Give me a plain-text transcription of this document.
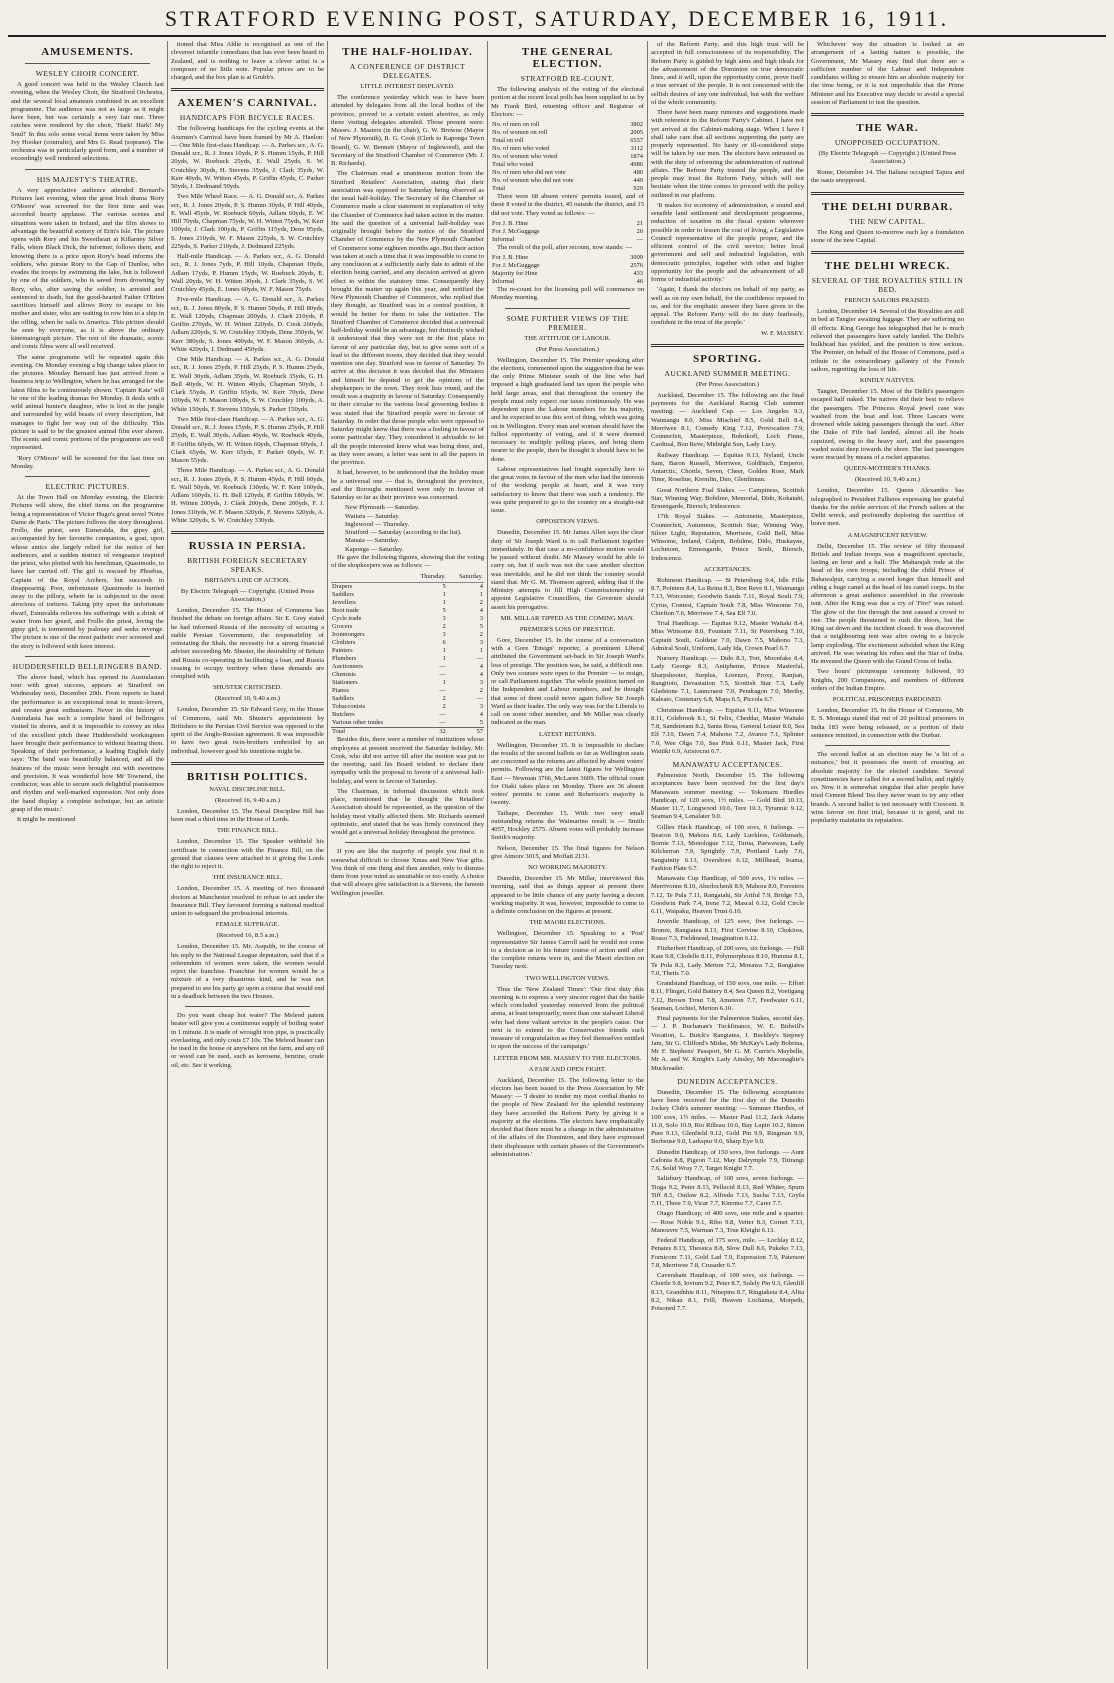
STRATFORD EVENING POST, SATURDAY, DECEMBER 16, 1911.
AMUSEMENTS.
WESLEY CHOIR CONCERT.

A good concert was held in the Wesley Church last evening, when the Wesley Choir, the Stratford Orchestra, and the several local amateurs combined in an excellent programme. The audience was not as large as it might have been, but was certainly a very fair one. Three catches were rendered by the choir, 'Hark! Hark! My Soul!' In this solo some vocal items were taken by Miss Ivy Hooker (contralto), and Mrs G. Read (soprano). The orchestra was in particularly good form, and a number of exceedingly well rendered selections.

HIS MAJESTY'S THEATRE.

A very appreciative audience attended Bernard's Pictures last evening, when the great Irish drama 'Rory O'Moore' was screened for the first time and was accorded hearty applause. The various scenes and situations were taken in Ireland, and the film shows to advantage the beautiful scenery of Erin's Isle. The picture opens with Rory and his Sweetheart at Killarney Silver Falls, where Black Dick, the informer, follows them, and knowing there is a price upon Rory's head informs the soldiers, who pursue Rory to the Gap of Dunloe, who evades the troops by swimming the lake, but is followed by one of the soldiers, who is saved from drowning by Rory, who, after saving the soldier, is arrested and sentenced to death, but the good-hearted Father O'Brien sacrifices himself and allows Rory to escape to his mother and sister, who are waiting to row him to a ship in the offing, when he sails to America. This picture should be seen by everyone, as it is above the ordinary kinematograph picture. The rest of the dramatic, scenic and comic films were all well received.

The same programme will be repeated again this evening. On Monday evening a big change takes place in the pictures. Monday Bernard has just arrived from a business trip to Wellington, where he has arranged for the latest films to be continuously shown. 'Captain Kate' will be one of the leading dramas for Monday. It deals with a wild animal hunter's daughter, who is lost in the jungle and surrounded by wild beasts of every description, but manages to fight her way out of the difficulty. This picture is said to be the greatest animal film ever shown. The scenic and comic portions of the programme are well represented.

'Rory O'Moore' will be screened for the last time on Monday.

ELECTRIC PICTURES.

At the Town Hall on Monday evening, the Electric Pictures will show, the chief items on the programme being a representation of Victor Hugo's great novel 'Notre Dame de Paris.' The picture follows the story throughout. Frollo, the priest, sees Esmeralda, the gipsy girl, accompanied by her favourite companion, a goat, upon whose antics she largely relied for the notice of her audiences, and a sudden instinct of vengeance inspired the priest, who plotted with his henchman, Quasimodo, to have her carried off. The girl is rescued by Phoebus, Captain of the Royal Archers, but succeeds in disappearing. Poor, unfortunate Quasimodo is hurried away to the pillory, where he is subjected to the most atrocious of tortures. Taking pity upon the unfortunate dwarf, Esmeralda relieves his sufferings with a drink of water from her gourd, and Frollo the priest, loving the gipsy girl, is tormented by jealousy and seeks revenge. The picture is one of the most pathetic ever screened and the story is followed with keen interest.

HUDDERSFIELD BELLRINGERS BAND.

The above band, which has opened its Australasian tour with great success, appears at Stratford on Wednesday next, December 20th. From reports to hand the performance is an exceptional treat to music-lovers, and creates great enthusiasm. Never in the history of Australasia has such a complete band of bellringers visited its shores, and it is impossible to convey an idea of the excellent pitch these Huddersfield workingmen have brought their performance to without hearing them. Speaking of their performance, a leading English daily says: 'The band was beautifully balanced, and all the features of the music were brought out with sweetness and precision. It was wonderful how Mr Townend, the conductor, was able to secure such delightful pianissimos and rhythm and well-marked expression. Not only does the band display a complete technique, but an artistic grasp of the music.'

It might be mentioned

tioned that Miss Aldie is recognised as one of the cleverest infantile comedians that has ever been heard in Zealand, and is nothing to leave a clever artist is a composer of no little note. Popular prices are to be charged, and the box plan is at Grubb's.

AXEMEN'S CARNIVAL.
HANDICAPS FOR BICYCLE RACES.

The following handicaps for the cycling events at the Axemen's Carnival have been framed by Mr A. Hanlon: — One Mile first-class Handicap. — A. Parkes scr., A. G. Donald scr., R. J. Jones 10yds, P. S. Humm 15yds, P. Hill 20yds, W. Roebuck 25yds, E. Wall 25yds, S. W. Crutchley 30yds, H. Stevens 35yds, J. Clark 35yds, W. Kerr 40yds, W. Witten 45yds, P. Griffin 45yds, C. Parker 50yds, J. Dedmand 50yds.

Two Mile Wheel Race. — A. G. Donald scr., A. Parkes scr., R. J. Jones 20yds, P. S. Humm 30yds, P. Hill 40yds, E. Wall 45yds, W. Roebuck 60yds, Adlam 60yds, E. W. Hill 70yds, Chapman 75yds, W. H. Witten 75yds, W. Kerr 100yds, J. Clark 100yds, P. Griffin 115yds, Dene 95yds, S. Jones 210yds, W. F. Mason 225yds, S. W. Crutchley 225yds, S. Parker 210yds, J. Dedmand 225yds.

Half-mile Handicap. — A. Parkes scr., A. G. Donald scr., R. J. Jones 7yds, P. Hill 10yds, Chapman 10yds, Adlam 17yds, P. Humm 15yds, W. Roebuck 20yds, E. Wall 20yds, W. H. Witten 30yds, J. Clark 35yds, S. W. Crutchley 45yds, E. Jones 60yds, W. F. Mason 75yds.

Five-mile Handicap. — A. G. Donald scr., A. Parkes scr., R. J. Jones 80yds, P. S. Humm 50yds, P. Hill 80yds, E. Wall 120yds, Chapman 200yds, J. Clark 210yds, P. Griffin 270yds, W. H. Witten 220yds, D. Cook 260yds, Adlam 220yds, S. W. Crutchley 330yds, Dene 350yds, W. Kerr 380yds, S. Jones 400yds, W. F. Mason 360yds, A. White 420yds, J. Dedmand 450yds.

One Mile Handicap. — A. Parkes scr., A. G. Donald scr., R. J. Jones 25yds, P. Hill 25yds, P. S. Humm 25yds, E. Wall 30yds, Adlam 35yds, W. Roebuck 35yds, G. H. Bell 40yds, W. H. Witten 40yds, Chapman 50yds, J. Clark 55yds, P. Griffin 65yds, W. Kerr 70yds, Dene 100yds, W. F. Mason 100yds, S. W. Crutchley 100yds, A. White 150yds, F. Stevens 150yds, S. Parker 150yds.

Two Mile first-class Handicap. — A. Parkes scr., A. G. Donald scr., R. J. Jones 15yds, P. S. Humm 25yds, P. Hill 25yds, E. Wall 30yds, Adlam 40yds, W. Roebuck 40yds, P. Griffin 60yds, W. H. Witten 60yds, Chapman 60yds, J. Clark 65yds, W. Kerr 65yds, F. Parker 60yds, W. F. Mason 55yds.

Three Mile Handicap. — A. Parkes scr., A. G. Donald scr., R. J. Jones 20yds, P. S. Humm 45yds, P. Hill 60yds, E. Wall 50yds, W. Roebuck 130yds, W. F. Kerr 160yds, Adlam 160yds, G. H. Bell 120yds, P. Griffin 180yds, W. H. Witten 200yds, J. Clark 200yds, Dene 200yds, F. J. Jones 310yds, W. F. Mason 320yds, F. Stevens 320yds, A. White 320yds, S. W. Crutchley 330yds.

RUSSIA IN PERSIA.
BRITISH FOREIGN SECRETARY SPEAKS.
BRITAIN'S LINE OF ACTION.
By Electric Telegraph — Copyright. (United Press Association.)

London, December 15. The House of Commons has finished the debate on foreign affairs. Sir E. Grey stated he had informed Russia of the necessity of securing a stable Persian Government, the responsibility of reinstating the Shah, the necessity for a strong financial adviser succeeding Mr. Shuster, the desirability of Britain and Russia co-operating in facilitating a loan, and Russia ceasing to occupy territory when these demands are complied with.

SHUSTER CRITICISED.
(Received 10, 9.40 a.m.)

London, December 15. Sir Edward Grey, in the House of Commons, said Mr. Shuster's appointment by Britishers to the Persian Civil Service was opposed to the spirit of the Anglo-Russian agreement. It was impossible to have two great twin-brothers embroiled by an individual, however good his intentions might be.

BRITISH POLITICS.
NAVAL DISCIPLINE BILL.
(Received 16, 9.40 a.m.)

London, December 15. The Naval Discipline Bill has been read a third time in the House of Lords.

THE FINANCE BILL.

London, December 15. The Speaker withheld his certificate in connection with the Finance Bill, on the ground that clauses were attached to it giving the Lords the right to reject it.

THE INSURANCE BILL.

London, December 15. A meeting of two thousand doctors at Manchester resolved to refuse to act under the Insurance Bill. They favoured forming a national medical union to safeguard the professional interests.

FEMALE SUFFRAGE.
(Received 16, 8.5 a.m.)

London, December 15. Mr. Asquith, in the course of his reply to the National League deputation, said that if a referendum of women were taken, the women would reject the franchise. Franchise for women would be a mixture of a very disastrous kind, and he was not prepared to see his party go upon a course that would end in a deadlock between the two Houses.

Do you want cheap hot water? The Meleod patent heater will give you a continuous supply of boiling water in 1 minute. It is made of wrought iron pipe, is practically everlasting, and only costs £7 10s. The Meleod heater can be used in the house or anywhere on the farm, and any oil or wood can be used, such as kerosene, benzine, crude oil, etc. See it working.

THE HALF-HOLIDAY.
A CONFERENCE OF DISTRICT DELEGATES.
LITTLE INTEREST DISPLAYED.

The conference yesterday which was to have been attended by delegates from all the local bodies of the province, proved to a certain extent abortive, as only three visiting delegates attended. Those present were: Messrs. J. Masters (in the chair), G. W. Browne (Mayor of New Plymouth), R. G. Cook (Clerk to Kaponga Town Board), G. W. Bennett (Mayor of Inglewood), and the Secretary of the Stratford Chamber of Commerce (Mr. J. B. Richards).

The Chairman read a unanimous motion from the Stratford Retailers' Association, stating that their association was opposed to Saturday being observed as the usual half-holiday. The Secretary of the Chamber of Commerce made a clear statement in explanation of why the Chamber of Commerce had taken action in the matter. He said the question of a universal half-holiday was originally brought before the notice of the Stratford Chamber of Commerce by the New Plymouth Chamber of Commerce some eighteen months ago. But their action was taken at such a time that it was impossible to come to any conclusion at a sufficiently early date to admit of the election being carried, and any decision arrived at given effect to within the statutory time. Consequently they brought the matter up again this year, and notified the New Plymouth Chamber of Commerce, who replied that they thought, as Stratford was in a central position, it would be better for them to take the initiative. The Stratford Chamber of Commerce decided that a universal half-holiday would be an advantage, but distinctly wished it understood that they were not in the first place in favour of any particular day, but to give some sort of a lead to the different towns, they decided that they would mention one day. Stratford was in favour of Saturday. To arrive at this decision it was decided that the Ministers and himself be deputed to get the opinions of the shopkeepers in the town. They took lists round, and the result was a majority in favour of Saturday. Consequently in their circular to the various local governing bodies it was stated that the Stratford people were in favour of Saturday. In order that those people who were opposed to Saturday might know that there was a feeling in favour of some particular day. They considered it advisable to let all the people interested know what was being done, and, as they were aware, a letter was sent to all the papers in the province.

It had, however, to be understood that the holiday must be a universal one — that is, throughout the province, and the Boroughs mentioned were only in favour of Saturday so far as their province was concerned.

New Plymouth — Saturday.
Waitara — Saturday.
Inglewood — Thursday.
Stratford — Saturday (according to the list).
Manaia — Saturday.
Kaponga — Saturday.

He gave the following figures, showing that the voting of the shopkeepers was as follows: —

	Thursday.	Saturday.
Drapers	5	4
Saddlers	1	1
Jewellers	1	2
Boot trade	5	4
Cycle trade	3	3
Grocers	2	5
Ironmongers	3	2
Clothiers	6	3
Painters	1	1
Plumbers	1	—
Auctioneers	—	4
Chemists	—	4
Stationers	1	3
Pianos	—	2
Saddlers	2	—
Tobacconists	2	3
Butchers	—	4
Various other trades	—	5
Total	32	57

Besides this, there were a number of institutions whose employees at present received the Saturday holiday. Mr. Cook, who did not arrive till after the motion was put to the meeting, said his Board wished to declare their sympathy with the proposal in favour of a universal half-holiday, and were in favour of Saturday.

The Chairman, in informal discussion which took place, mentioned that he thought the Retailers' Association should be represented, as the question of the holiday most vitally affected them. Mr. Richards seemed optimistic, and stated that he was firmly convinced they would get a universal holiday throughout the province.

If you are like the majority of people you find it is somewhat difficult to choose Xmas and New Year gifts. You think of one thing and then another, only to dismiss them from your mind as unsuitable or too costly. A choice that will always give satisfaction is a Stevens, the famous Wellington jeweller.

THE GENERAL ELECTION.
STRATFORD RE-COUNT.

The following analysis of the voting of the electoral portion at the recent local polls has been supplied to us by Mr Frank Bird, returning officer and Registrar of Electors: —

No. of men on roll	3802
No. of women on roll	2005
Total on roll	6557
No. of men who voted	3112
No. of women who voted	1874
Total who voted	4986
No. of men who did not vote	480
No. of women who did not vote	449
Total	929

There were 68 absent voters' permits issued, and of these 8 voted in the district, 45 outside the district, and 15 did not vote. They voted as follows: —

For J. B. Hine	21
For J. McGuggage	20
Informal	—

The result of the poll, after recount, now stands: —

For J. B. Hine	3009
For J. McGuggage	2576
Majority for Hine	433
Informal	46

The re-count for the licensing poll will commence on Monday morning.

SOME FURTHER VIEWS OF THE PREMIER.
THE ATTITUDE OF LABOUR.
(Per Press Association.)

Wellington, December 15. The Premier speaking after the elections, commented upon the suggestion that he was the only Prime Minister south of the line who had imposed a high graduated land tax upon the people who held large areas, and that throughout the country the people must only expect our taxes continuously. He was dependent upon the Labour members for his majority, and he expected to use this sort of thing, which was going on in Wellington. Every man and woman should have the fullest opportunity of voting, and if it were deemed necessary to multiply polling places, and bring them nearer to the people, then he thought it should have to be done.

Labour representatives had fought especially here to the great votes in favour of the men who had the interests of the working people at heart, and it was very satisfactory to know that there was such a tendency. He was quite prepared to go to the country on a straight-out issue.

OPPOSITION VIEWS.

Dunedin, December 15. Mr James Allen says the clear duty of Sir Joseph Ward is to call Parliament together immediately. In that case a no-confidence motion would be passed without doubt. Mr Massey would be able to carry on, but if such was not the case another election was inevitable, and he did not think the country would stand that. Mr G. M. Thomson agreed, adding that if the Ministry attempts to fill High Commissionership or appoint Legislative Councillors, the Governor should assert his prerogative.

MR. MILLAR TIPPED AS THE COMING MAN.
PREMIER'S LOSS OF PRESTIGE.

Gore, December 15. In the course of a conversation with a Gore 'Ensign' reporter, a prominent Liberal attributed the Government set-back to Sir Joseph Ward's loss of prestige. The position was, he said, a difficult one. Only two courses were open to the Premier — to resign, or call Parliament together. The whole position turned on the Independent and Labour members, and he thought that some of them could never again follow Sir Joseph Ward as their leader. The only way was for the Liberals to call on some other member, and Mr Millar was clearly indicated as the man.

LATEST RETURNS.

Wellington, December 15. It is impossible to declare the results of the second ballots so far as Wellington seats are concerned as the returns are affected by absent voters' permits. Following are the latest figures for Wellington East — Newman 3766, McLaren 3609. The official count for Otaki takes place on Monday. There are 36 absent voters' permits to come and Robertson's majority is twenty.

Taihape, December 15. With two very small outstanding returns the Waimarino result is — Smith 4057, Hockley 2575. Absent votes will probably increase Smith's majority.

Nelson, December 15. The final figures for Nelson give Atmore 3015, and Moffatt 2131.

NO WORKING MAJORITY.

Dunedin, December 15. Mr Millar, interviewed this morning, said that as things appear at present there appeared to be little chance of any party having a decent working majority. It was, however, impossible to come to a definite conclusion on the figures at present.

THE MAORI ELECTIONS.

Wellington, December 15. Speaking to a 'Post' representative Sir James Carroll said he would not come to a decision as to his future course of action until after the complete returns were in, and the Maori election on Tuesday next.

TWO WELLINGTON VIEWS.

Thus the 'New Zealand Times': 'Our first duty this morning is to express a very sincere regret that the battle which concluded yesterday removed from the political arena, at least temporarily, more than one stalwart Liberal who had done valiant service in the people's cause. Our next is to extend to the Conservative friends such measure of congratulation as they feel themselves entitled to upon the success of the campaign.'

LETTER FROM MR. MASSEY TO THE ELECTORS.
A FAIR AND OPEN FIGHT.

Auckland, December 15. The following letter to the electors has been issued to the Press Association by Mr Massey: — 'I desire to tender my most cordial thanks to the people of New Zealand for the splendid testimony they have accorded the Reform Party by giving it a majority at the elections. The electors have emphatically decided that there must be a change in the administration of the affairs of the Dominion, and they have expressed their displeasure with certain phases of the Government's administration.'

of the Reform Party, and this high trust will be accepted in full consciousness of its responsibility. The Reform Party is guided by high aims and high ideals for the advancement of the Dominion on true democratic lines, and it will, upon the opportunity come, prove itself a true servant of the people. It is not concerned with the selfish desires of any one individual, but with the welfare of the whole community.

There have been many rumours and suggestions made with reference to the Reform Party's Cabinet. I have not yet arrived at the Cabinet-making stage. When I have I shall take care that all sections supporting the party are properly represented. No hasty or ill-considered steps will be taken by our men. The electors have entrusted us with the duty of reforming the administration of national affairs. The Reform Party trusted the people, and the people may trust the Reform Party, which will not hesitate when the time comes to proceed with the policy outlined in our platform.

'It makes for economy of administration, a sound and sensible land settlement and development programme, reduction of taxation in the fiscal system wherever possible in order to lessen the cost of living, a Legislative Council representative of the people proper, and the efficient control of the civil service; better local government and self and industrial legislation, with democratic principles, together with other and higher opportunity for the people and the advancement of all forms of industrial activity.'

'Again, I thank the electors on behalf of my party, as well as on my own behalf, for the confidence reposed in us, and for the emphatic answer they have given to the appeal. The Reform Party will do its duty fearlessly, confident in the trust of the people.'

W. F. MASSEY.
SPORTING.
AUCKLAND SUMMER MEETING.
(Per Press Association.)

Auckland, December 15. The following are the final payments for the Auckland Racing Club summer meeting: — Auckland Cup. — Los Angeles 9.3, Waimangu 8.0, Miss Mischief 8.5, Gold Bell 8.4, Merriwee 8.1, Comedy King 7.12, Provocation 7.9, Counterfeit, Masterpiece, Bobrikoff, Loch Finne, Cardinal, Bon Reve, Midnight Sun, Lady Lucy.

Railway Handicap. — Equitas 9.13, Nyland, Uncle Sam, Baron Russell, Merriwee, Goldfinch, Emperor, Antarctic, Chortle, Seven, Cheer, Golden Rose, Mark Time, Roseline, Kremlin, Duo, Glenfinnan.

Great Northern Foal Stakes. — Campiness, Scottish Star, Winning Way, Bobilme, Memorial, Dido, Kokatahi, Ermengarde, Biersch, Iridescence.

17th Royal Stakes. — Antoinette, Masterpiece, Counterfeit, Autumnus, Scottish Star, Winning Way, Silver Light, Reputation, Merriwee, Gold Bell, Miss Winsome, Ireland, Culprit, Bobilme, Dido, Huskayne, Lochmont, Ermengarde, Prince Soult, Biersch, Iridescence.

ACCEPTANCES.

Robinson Handicap. — St Petersburg 9.4, Idle Fille 8.7, Pointers 8.4, La Reina 8.3, Bon Reve 8.1, Waimangu 7.13, Worcester, Goodwin Sands 7.11, Royal Soult 7.9, Cyrus, Contest, Captain Soult 7.8, Miss Winsome 7.6, Chiefton 7.6, Merriwee 7.4, Sea Elf 7.0.

Trial Handicap. — Equitas 9.12, Master Waitaki 8.4, Miss Winsome 8.0, Fountain 7.11, St Petersburg 7.10, Captain Soult, Goldstar 7.0, Dawn 7.5, Mahono 7.3, Admiral Soult, Uniform, Lady Ida, Crown Pearl 6.7.

Nursery Handicap. — Dido 8.3, Tort, Moonfake 8.4, Lady George 8.3, Antipheme, Prince Masterful, Sharpshooter, Surplus, Lorenzo, Proxy, Ranjian, Rangitoto, Devastation 7.5, Scottish Star 7.3, Lady Gladstone 7.1, Lanncraest 7.0, Pendragon 7.0, Merthy, Kaleato, Centenary 6.8, Mapa 6.5, Piccola 6.7.

Christmas Handicap. — Equitas 9.11, Miss Winsome 8.11, Colebrook 8.1, St Felix, Cheddar, Master Waitaki 7.8, Sandstream 8.2, Santa Rosa, General Lotaur 8.0, Sea Elf 7.10, Dawn 7.4, Mahono 7.2, Avance 7.1, Splinter 7.0, Wee Olga 7.0, Sea Pink 6.11, Master Jack, First Waitiki 6.9, Aristocrat 6.7.

MANAWATU ACCEPTANCES.

Palmerston North, December 15. The following acceptances have been received for the first day's Manawatu summer meeting: — Tokomaru Hurdles Handicap, of 120 sovs, 1½ miles. — Gold Bird 10.13, Master 11.7, Longwood 10.6, Tere 10.3, Tyrannic 9.12, Seaman 9.4, Lenalater 9.0.

Gillies Hack Handicap, of 100 sovs, 6 furlongs. — Beacon 9.0, Mahora 8.6, Lady Luckless, Goldsmark, Bornie 7.13, Monologue 7.12, Turua, Paewawau, Lady Kilcherran 7.9, Sprightly 7.9, Portland Lady 7.6, Sanguinity 6.13, Overshoot 6.12, Millhead, Ioama, Fashion Plate 6.7.

Manawatu Cup Handicap, of 500 sovs, 1¼ miles. — Merrivonne 8.10, Aberlochenlt 8.9, Mahora 8.0, Foresters 7.12, Te Pula 7.11, Rangatahi, Sir Artful 7.9, Bridge 7.5, Goodwin Park 7.4, Irene 7.2, Mascal 6.12, Gold Circle 6.11, Waipaku, Heaven Trust 6.10.

Juvenile Handicap, of 125 sovs, five furlongs. — Bronze, Rangiatea 8.13, First Corvine 8.10, Chokioss, Rosso 7.3, Fieldmead, Imagination 6.12.

Fitzherbert Handicap, of 200 sovs, six furlongs. — Full Kate 9.8, Clodelle 8.11, Polymorphous 8.10, Humma 8.1, Te Pola 8.3, Lady Merton 7.2, Moeawa 7.2, Rangiatea 7.0, Thetis 7.0.

Grandstand Handicap, of 150 sovs, one mile. — Effort 8.11, Flinget, Gold Battery 8.4, Sea Queen 8.2, Voetigang 7.12, Brown Trout 7.8, Ameteon 7.7, Feedwater 6.11, Seaman, Lochiel, Merton 6.10.

Final payments for the Palmerston Stakes, second day. — J. P. Buchanan's Tuckfinance, W. E. Bidwill's Vocation, L. Buick's Rangiatea, J. Buckley's Stepney Jam, Sir G. Clifford's Midas, Mr McKay's Lady Bobrina, Mr F. Stephens' Passport, Mr G. M. Currie's Maybelle, Mr A. and W. Knight's Lady Ainsley, Mr Maconaghie's Muckreader.

DUNEDIN ACCEPTANCES.

Dunedin, December 15. The following acceptances have been received for the first day of the Dunedin Jockey Club's summer meeting: — Summer Hurdles, of 100 sovs, 1½ miles. — Master Paul 11.2, Jack Adams 11.0, Solo 10.9, Rio Rilleau 10.6, Bay Lupin 10.2, Simon Pure 9.13, Glenfield 9.12, Gold Pin 9.9, Ringman 9.9, Berbeuse 9.0, Larkspur 9.0, Sharp Eye 9.0.

Dunedin Handicap, of 150 sovs, five furlongs. — Aunt Cafonia 8.8, Pigeon 7.12, May Dalrymple 7.9, Titirangi 7.6, Solid Wray 7.7, Target Knight 7.7.

Salisbury Handicap, of 100 sovs, seven furlongs. — Tioga 9.2, Peter 8.13, Pellucid 8.13, Red Whiter, Spurn Tiff 8.5, Outlaw 8.2, Alfreda 7.13, Sucha 7.13, Gryfa 7.11, Three 7.9, Vicar 7.7, Kinomo 7.7, Carer 7.7.

Otago Handicap, of 400 sovs, one mile and a quarter. — Rose Noble 9.1, Ribo 9.8, Vetter 8.3, Cornet 7.13, Manouvre 7.5, Warman 7.3, True Kleight 6.13.

Federal Handicap, of 175 sovs, mile. — Lochlay 8.12, Penates 8.13, Thessica 8.8, Slow Dull 8.6, Pukeko 7.13, Fornicom 7.11, Gold Lad 7.9, Expression 7.9, Paterson 7.8, Merriwee 7.8, Crusader 6.7.

Caversham Handicap, of 100 sovs, six furlongs. — Chortle 9.8, Iovium 9.2, Peter 8.7, Solely Pin 9.3, Glenfill 8.13, Grandnhie 8.11, Ninepins 8.7, Ringtaketa 8.4, Alita 8.2, Nikau 8.1, Frill, Heaven Lochama, Morpeth, Poisoned 7.7.

Whichever way the situation is looked at an arrangement of a lasting nature is possible, the Government, Mr Massey may find that there are a sufficient number of the Labour and Independent candidates willing to ensure him an absolute majority for the time being, or it is not improbable that the Prime Minister and his Executive may decide to avoid a special session of Parliament to test the question.

THE WAR.
UNOPPOSED OCCUPATION.
(By Electric Telegraph — Copyright.) (United Press Association.)

Rome, December 14. The Italians occupied Tajura and the oasis unopposed.

THE DELHI DURBAR.
THE NEW CAPITAL.

The King and Queen to-morrow each lay a foundation stone of the new Capital.

THE DELHI WRECK.
SEVERAL OF THE ROYALTIES STILL IN BED.
FRENCH SAILORS PRAISED.

London, December 14. Several of the Royalties are still in bed at Tangier awaiting luggage. They are suffering no ill effects. King George has telegraphed that he is much relieved that passengers have safely landed. The Delhi's bulkhead has yielded, and the position is now serious. The Premier, on behalf of the House of Commons, paid a tribute to the extraordinary gallantry of the French sailors, regretting the loss of life.

KINDLY NATIVES.

Tangier, December 15. Most of the Delhi's passengers escaped half naked. The natives did their best to relieve the passengers. The Princess Royal jewel case was washed from the boat and lost. Three Lascars were drowned while taking passengers through the surf. After the Duke of Fife had landed, almost all the boats capsized, owing to the heavy surf, and the passengers waded waist deep towards the shore. The last passengers were rescued by means of a rocket apparatus.

QUEEN-MOTHER'S THANKS.
(Received 10, 9.40 a.m.)

London, December 15. Queen Alexandra has telegraphed to President Fallieres expressing her grateful thanks for the noble services of the French sailors at the Delhi wreck, and profoundly deploring the sacrifice of brave men.

A MAGNIFICENT REVIEW.

Delhi, December 15. The review of fifty thousand British and Indian troops was a magnificent spectacle, lasting an hour and a half. The Maharajah rode at the head of his own troops, including the child Prince of Bahawalpur, carrying a sword longer than himself and riding a huge camel at the head of his camel corps. In the afternoon a great audience assembled in the riverside tent. After the King was due a cry of 'Fire!' was raised. The glow of the fire through the tent caused a crowd to rise. The people threatened to rush the doors, but the King sat down and the incident closed. It was discovered that a neighbouring tent was afire owing to a bicycle lamp exploding. The excitement subsided when the King arrived. He was wearing his robes and the Star of India. He invested the Queen with the Grand Cross of India.

Two hours' picturesque ceremony followed, 93 Knights, 200 Companions, and members of different orders of the Indian Empire.

POLITICAL PRISONERS PARDONED.

London, December 15. In the House of Commons, Mr E. S. Montagu stated that out of 20 political prisoners in India 183 were being released, or a portion of their sentence remitted, in connection with the Durbar.

The second ballot at an election may be 'a bit of a nuisance,' but it possesses the merit of ensuring an absolute majority for the elected candidate. Several constituencies have called for a second ballot, and rightly so. Now it is somewhat singular that after people have tried Cement Blend Tea they never want to try any other brands. A second ballot is not necessary with Crescent. It wins favour on first trial, because it is good, and its popularity maintains its reputation.
